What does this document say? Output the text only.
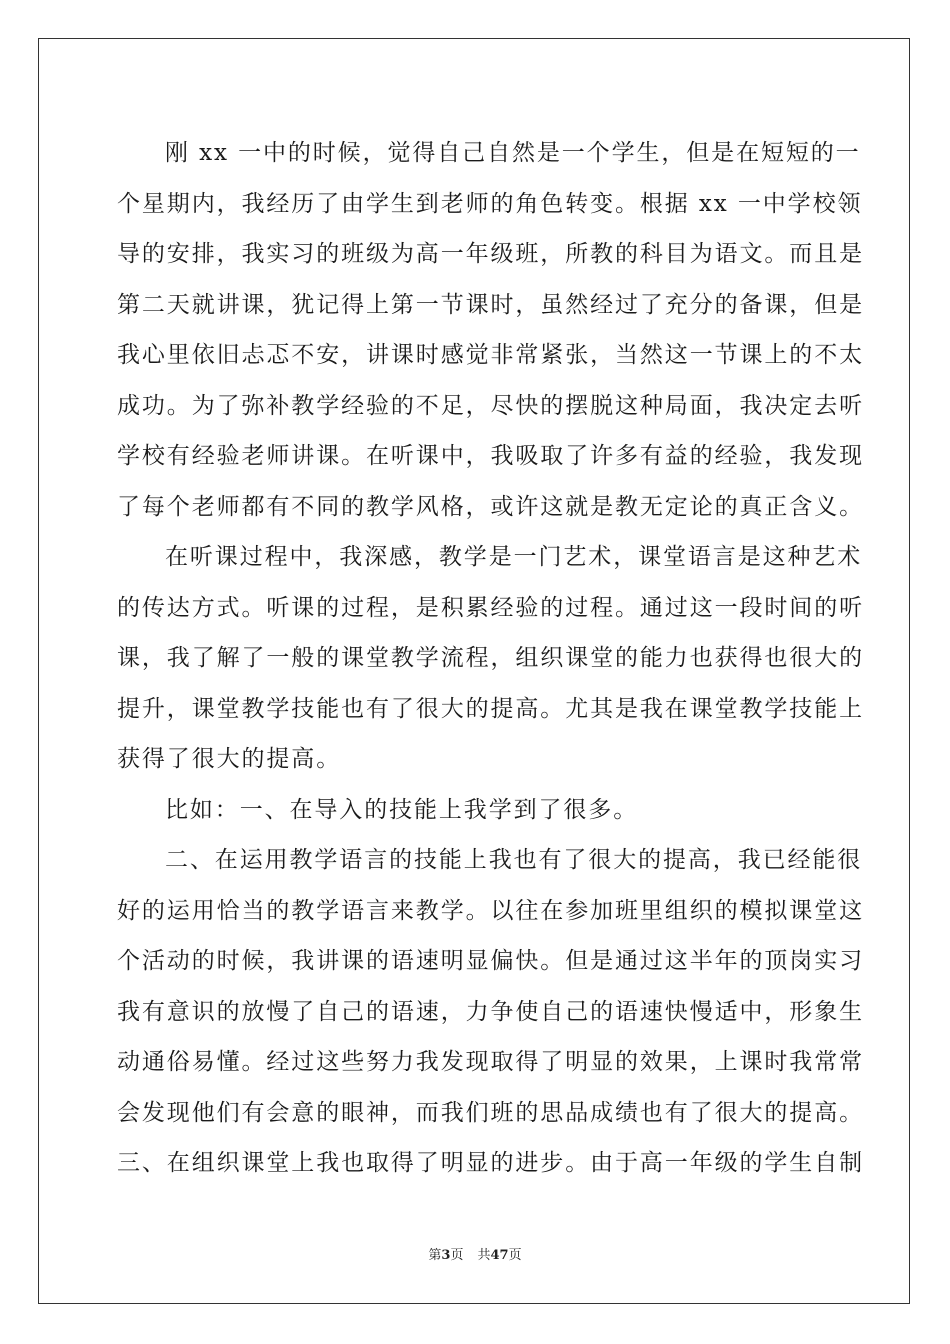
刚 xx 一中的时候，觉得自己自然是一个学生，但是在短短的一
个星期内，我经历了由学生到老师的角色转变。根据 xx 一中学校领
导的安排，我实习的班级为高一年级班，所教的科目为语文。而且是
第二天就讲课，犹记得上第一节课时，虽然经过了充分的备课，但是
我心里依旧忐忑不安，讲课时感觉非常紧张，当然这一节课上的不太
成功。为了弥补教学经验的不足，尽快的摆脱这种局面，我决定去听
学校有经验老师讲课。在听课中，我吸取了许多有益的经验，我发现
了每个老师都有不同的教学风格，或许这就是教无定论的真正含义。
在听课过程中，我深感，教学是一门艺术，课堂语言是这种艺术
的传达方式。听课的过程，是积累经验的过程。通过这一段时间的听
课，我了解了一般的课堂教学流程，组织课堂的能力也获得也很大的
提升，课堂教学技能也有了很大的提高。尤其是我在课堂教学技能上
获得了很大的提高。
比如：一、在导入的技能上我学到了很多。
二、在运用教学语言的技能上我也有了很大的提高，我已经能很
好的运用恰当的教学语言来教学。以往在参加班里组织的模拟课堂这
个活动的时候，我讲课的语速明显偏快。但是通过这半年的顶岗实习
我有意识的放慢了自己的语速，力争使自己的语速快慢适中，形象生
动通俗易懂。经过这些努力我发现取得了明显的效果，上课时我常常
会发现他们有会意的眼神，而我们班的思品成绩也有了很大的提高。
三、在组织课堂上我也取得了明显的进步。由于高一年级的学生自制
第3页 共47页
